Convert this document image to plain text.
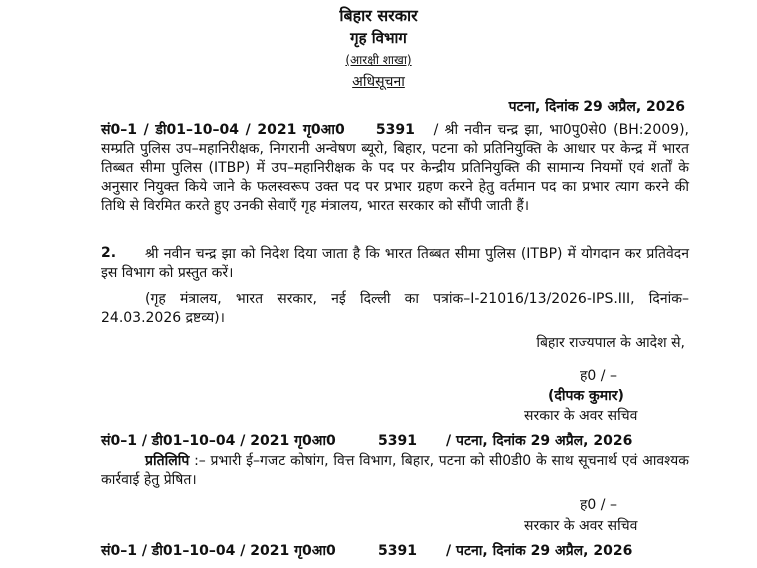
बिहार सरकार
गृह विभाग
(आरक्षी शाखा)
अधिसूचना
पटना, दिनांक 29 अप्रैल, 2026
सं0–1 / डी01–10–04 / 2021 गृ0आ0 5391 / श्री नवीन चन्द्र झा, भा0पु0से0 (BH:2009), सम्प्रति पुलिस उप–महानिरीक्षक, निगरानी अन्वेषण ब्यूरो, बिहार, पटना को प्रतिनियुक्ति के आधार पर केन्द्र में भारत तिब्बत सीमा पुलिस (ITBP) में उप–महानिरीक्षक के पद पर केन्द्रीय प्रतिनियुक्ति की सामान्य नियमों एवं शर्तों के अनुसार नियुक्त किये जाने के फलस्वरूप उक्त पद पर प्रभार ग्रहण करने हेतु वर्तमान पद का प्रभार त्याग करने की तिथि से विरमित करते हुए उनकी सेवाएँ गृह मंत्रालय, भारत सरकार को सौंपी जाती हैं।
2.	श्री नवीन चन्द्र झा को निदेश दिया जाता है कि भारत तिब्बत सीमा पुलिस (ITBP) में योगदान कर प्रतिवेदन इस विभाग को प्रस्तुत करें।
(गृह मंत्रालय, भारत सरकार, नई दिल्ली का पत्रांक–I-21016/13/2026-IPS.III, दिनांक–24.03.2026 द्रष्टव्य)।
बिहार राज्यपाल के आदेश से,
ह0 / –
(दीपक कुमार)
सरकार के अवर सचिव
सं0–1 / डी01–10–04 / 2021 गृ0आ0	5391 / पटना, दिनांक 29 अप्रैल, 2026
प्रतिलिपि :– प्रभारी ई–गजट कोषांग, वित्त विभाग, बिहार, पटना को सी0डी0 के साथ सूचनार्थ एवं आवश्यक कार्रवाई हेतु प्रेषित।
ह0 / –
सरकार के अवर सचिव
सं0–1 / डी01–10–04 / 2021 गृ0आ0	5391 / पटना, दिनांक 29 अप्रैल, 2026
